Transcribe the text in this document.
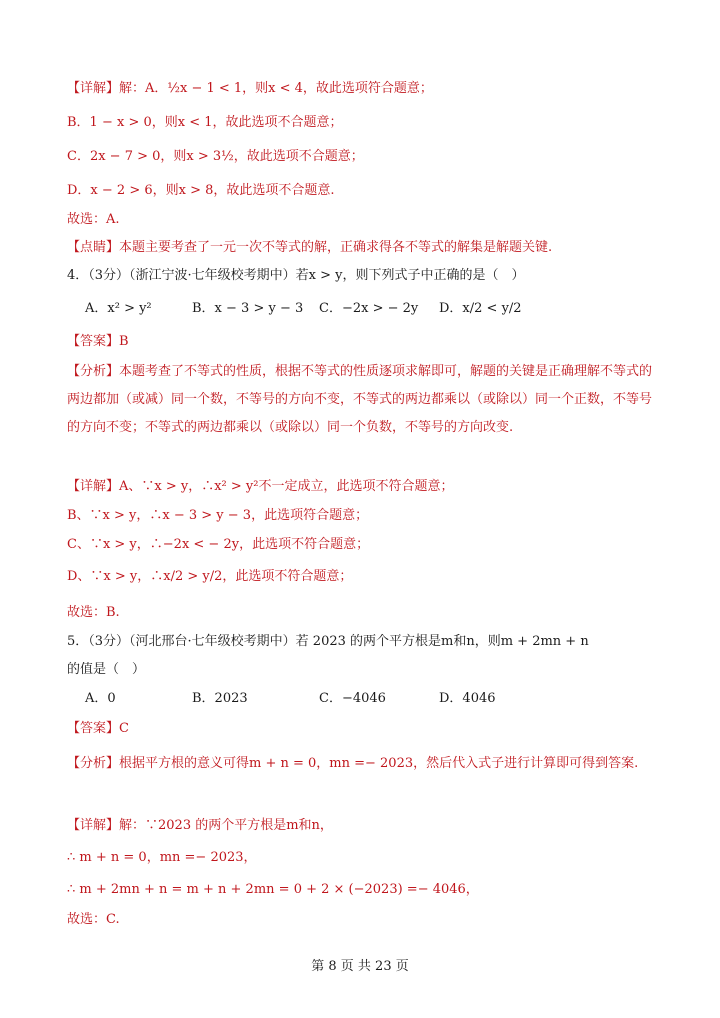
【详解】解：A．½x − 1 < 1，则x < 4，故此选项符合题意；
B．1 − x > 0，则x < 1，故此选项不合题意；
C．2x − 7 > 0，则x > 3½，故此选项不合题意；
D．x − 2 > 6，则x > 8，故此选项不合题意.
故选：A.
【点睛】本题主要考查了一元一次不等式的解，正确求得各不等式的解集是解题关键.
4．（3分）（浙江宁波·七年级校考期中）若x > y，则下列式子中正确的是（　）
A．x² > y²	B．x − 3 > y − 3 C．−2x > − 2y D．x/2 < y/2
【答案】B
【分析】本题考查了不等式的性质，根据不等式的性质逐项求解即可，解题的关键是正确理解不等式的两边都加（或减）同一个数，不等号的方向不变，不等式的两边都乘以（或除以）同一个正数，不等号的方向不变；不等式的两边都乘以（或除以）同一个负数，不等号的方向改变.
【详解】A、∵x > y，∴x² > y²不一定成立，此选项不符合题意；
B、∵x > y，∴x − 3 > y − 3，此选项符合题意；
C、∵x > y，∴−2x < − 2y，此选项不符合题意；
D、∵x > y，∴x/2 > y/2，此选项不符合题意；
故选：B.
5．（3分）（河北邢台·七年级校考期中）若 2023 的两个平方根是m和n，则m + 2mn + n
的值是（　）
A．0	B．2023	C．−4046	D．4046
【答案】C
【分析】根据平方根的意义可得m + n = 0，mn =− 2023，然后代入式子进行计算即可得到答案.
【详解】解：∵2023 的两个平方根是m和n，
∴ m + n = 0，mn =− 2023，
∴ m + 2mn + n = m + n + 2mn = 0 + 2 × (−2023) =− 4046，
故选：C.
第 8 页 共 23 页
